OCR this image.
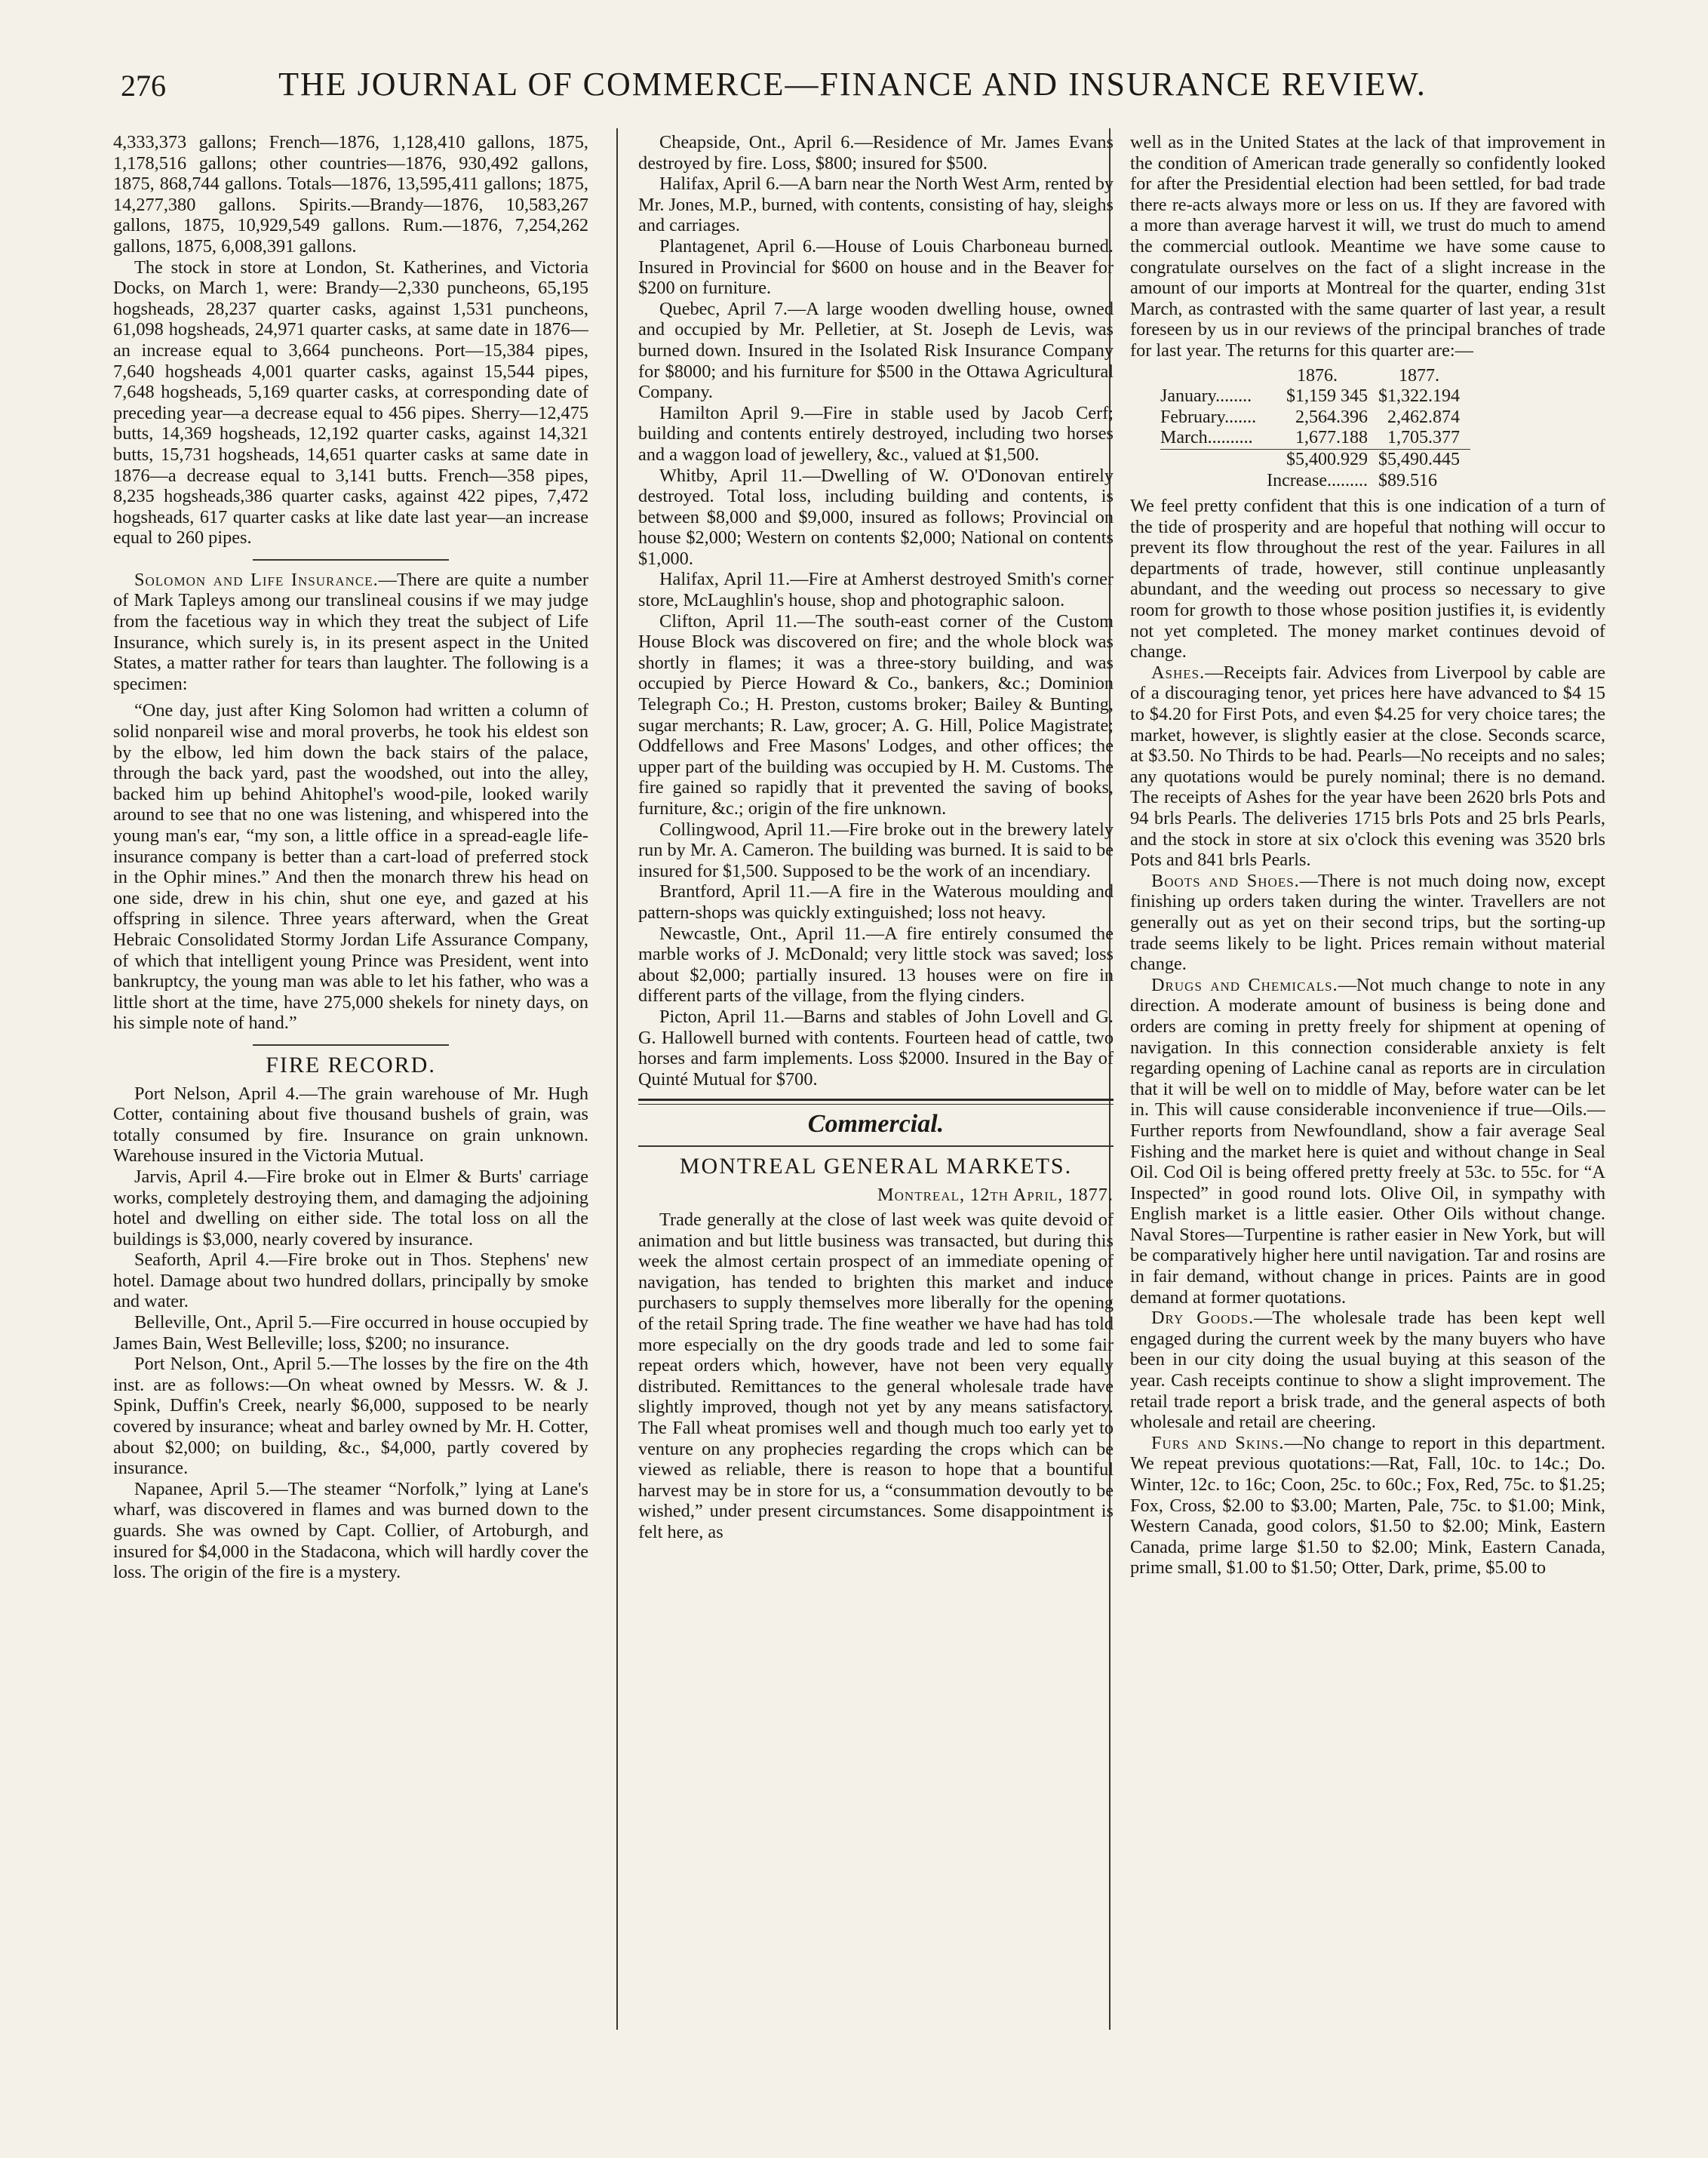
276	THE JOURNAL OF COMMERCE—FINANCE AND INSURANCE REVIEW.

4,333,373 gallons; French—1876, 1,128,410 gallons, 1875, 1,178,516 gallons; other countries—1876, 930,492 gallons, 1875, 868,744 gallons. Totals—1876, 13,595,411 gallons; 1875, 14,277,380 gallons. Spirits.—Brandy—1876, 10,583,267 gallons, 1875, 10,929,549 gallons. Rum.—1876, 7,254,262 gallons, 1875, 6,008,391 gallons.

The stock in store at London, St. Katherines, and Victoria Docks, on March 1, were: Brandy—2,330 puncheons, 65,195 hogsheads, 28,237 quarter casks, against 1,531 puncheons, 61,098 hogsheads, 24,971 quarter casks, at same date in 1876—an increase equal to 3,664 puncheons. Port—15,384 pipes, 7,640 hogsheads 4,001 quarter casks, against 15,544 pipes, 7,648 hogsheads, 5,169 quarter casks, at corresponding date of preceding year—a decrease equal to 456 pipes. Sherry—12,475 butts, 14,369 hogsheads, 12,192 quarter casks, against 14,321 butts, 15,731 hogsheads, 14,651 quarter casks at same date in 1876—a decrease equal to 3,141 butts. French—358 pipes, 8,235 hogsheads,386 quarter casks, against 422 pipes, 7,472 hogsheads, 617 quarter casks at like date last year—an increase equal to 260 pipes.

Solomon and Life Insurance.—There are quite a number of Mark Tapleys among our translineal cousins if we may judge from the facetious way in which they treat the subject of Life Insurance, which surely is, in its present aspect in the United States, a matter rather for tears than laughter. The following is a specimen:

“One day, just after King Solomon had written a column of solid nonpareil wise and moral proverbs, he took his eldest son by the elbow, led him down the back stairs of the palace, through the back yard, past the woodshed, out into the alley, backed him up behind Ahitophel's wood-pile, looked warily around to see that no one was listening, and whispered into the young man's ear, “my son, a little office in a spread-eagle life-insurance company is better than a cart-load of preferred stock in the Ophir mines.” And then the monarch threw his head on one side, drew in his chin, shut one eye, and gazed at his offspring in silence. Three years afterward, when the Great Hebraic Consolidated Stormy Jordan Life Assurance Company, of which that intelligent young Prince was President, went into bankruptcy, the young man was able to let his father, who was a little short at the time, have 275,000 shekels for ninety days, on his simple note of hand.”

FIRE RECORD.

Port Nelson, April 4.—The grain warehouse of Mr. Hugh Cotter, containing about five thousand bushels of grain, was totally consumed by fire. Insurance on grain unknown. Warehouse insured in the Victoria Mutual.

Jarvis, April 4.—Fire broke out in Elmer & Burts' carriage works, completely destroying them, and damaging the adjoining hotel and dwelling on either side. The total loss on all the buildings is $3,000, nearly covered by insurance.

Seaforth, April 4.—Fire broke out in Thos. Stephens' new hotel. Damage about two hundred dollars, principally by smoke and water.

Belleville, Ont., April 5.—Fire occurred in house occupied by James Bain, West Belleville; loss, $200; no insurance.

Port Nelson, Ont., April 5.—The losses by the fire on the 4th inst. are as follows:—On wheat owned by Messrs. W. & J. Spink, Duffin's Creek, nearly $6,000, supposed to be nearly covered by insurance; wheat and barley owned by Mr. H. Cotter, about $2,000; on building, &c., $4,000, partly covered by insurance.

Napanee, April 5.—The steamer “Norfolk,” lying at Lane's wharf, was discovered in flames and was burned down to the guards. She was owned by Capt. Collier, of Artoburgh, and insured for $4,000 in the Stadacona, which will hardly cover the loss. The origin of the fire is a mystery.

Cheapside, Ont., April 6.—Residence of Mr. James Evans destroyed by fire. Loss, $800; insured for $500.

Halifax, April 6.—A barn near the North West Arm, rented by Mr. Jones, M.P., burned, with contents, consisting of hay, sleighs and carriages.

Plantagenet, April 6.—House of Louis Charboneau burned. Insured in Provincial for $600 on house and in the Beaver for $200 on furniture.

Quebec, April 7.—A large wooden dwelling house, owned and occupied by Mr. Pelletier, at St. Joseph de Levis, was burned down. Insured in the Isolated Risk Insurance Company for $8000; and his furniture for $500 in the Ottawa Agricultural Company.

Hamilton April 9.—Fire in stable used by Jacob Cerf; building and contents entirely destroyed, including two horses and a waggon load of jewellery, &c., valued at $1,500.

Whitby, April 11.—Dwelling of W. O'Donovan entirely destroyed. Total loss, including building and contents, is between $8,000 and $9,000, insured as follows; Provincial on house $2,000; Western on contents $2,000; National on contents $1,000.

Halifax, April 11.—Fire at Amherst destroyed Smith's corner store, McLaughlin's house, shop and photographic saloon.

Clifton, April 11.—The south-east corner of the Custom House Block was discovered on fire; and the whole block was shortly in flames; it was a three-story building, and was occupied by Pierce Howard & Co., bankers, &c.; Dominion Telegraph Co.; H. Preston, customs broker; Bailey & Bunting, sugar merchants; R. Law, grocer; A. G. Hill, Police Magistrate; Oddfellows and Free Masons' Lodges, and other offices; the upper part of the building was occupied by H. M. Customs. The fire gained so rapidly that it prevented the saving of books, furniture, &c.; origin of the fire unknown.

Collingwood, April 11.—Fire broke out in the brewery lately run by Mr. A. Cameron. The building was burned. It is said to be insured for $1,500. Supposed to be the work of an incendiary.

Brantford, April 11.—A fire in the Waterous moulding and pattern-shops was quickly extinguished; loss not heavy.

Newcastle, Ont., April 11.—A fire entirely consumed the marble works of J. McDonald; very little stock was saved; loss about $2,000; partially insured. 13 houses were on fire in different parts of the village, from the flying cinders.

Picton, April 11.—Barns and stables of John Lovell and G. G. Hallowell burned with contents. Fourteen head of cattle, two horses and farm implements. Loss $2000. Insured in the Bay of Quinté Mutual for $700.

Commercial.
MONTREAL GENERAL MARKETS.
Montreal, 12th April, 1877.

Trade generally at the close of last week was quite devoid of animation and but little business was transacted, but during this week the almost certain prospect of an immediate opening of navigation, has tended to brighten this market and induce purchasers to supply themselves more liberally for the opening of the retail Spring trade. The fine weather we have had has told more especially on the dry goods trade and led to some fair repeat orders which, however, have not been very equally distributed. Remittances to the general wholesale trade have slightly improved, though not yet by any means satisfactory. The Fall wheat promises well and though much too early yet to venture on any prophecies regarding the crops which can be viewed as reliable, there is reason to hope that a bountiful harvest may be in store for us, a “consummation devoutly to be wished,” under present circumstances. Some disappointment is felt here, as

well as in the United States at the lack of that improvement in the condition of American trade generally so confidently looked for after the Presidential election had been settled, for bad trade there re-acts always more or less on us. If they are favored with a more than average harvest it will, we trust do much to amend the commercial outlook. Meantime we have some cause to congratulate ourselves on the fact of a slight increase in the amount of our imports at Montreal for the quarter, ending 31st March, as contrasted with the same quarter of last year, a result foreseen by us in our reviews of the principal branches of trade for last year. The returns for this quarter are:—

	1876.	1877.
January........	$1,159 345	$1,322.194
February.......	2,564.396	2,462.874
March..........	1,677.188	1,705.377
	$5,400.929	$5,490.445
	Increase.........	$89.516

We feel pretty confident that this is one indication of a turn of the tide of prosperity and are hopeful that nothing will occur to prevent its flow throughout the rest of the year. Failures in all departments of trade, however, still continue unpleasantly abundant, and the weeding out process so necessary to give room for growth to those whose position justifies it, is evidently not yet completed. The money market continues devoid of change.

Ashes.—Receipts fair. Advices from Liverpool by cable are of a discouraging tenor, yet prices here have advanced to $4 15 to $4.20 for First Pots, and even $4.25 for very choice tares; the market, however, is slightly easier at the close. Seconds scarce, at $3.50. No Thirds to be had. Pearls—No receipts and no sales; any quotations would be purely nominal; there is no demand. The receipts of Ashes for the year have been 2620 brls Pots and 94 brls Pearls. The deliveries 1715 brls Pots and 25 brls Pearls, and the stock in store at six o'clock this evening was 3520 brls Pots and 841 brls Pearls.

Boots and Shoes.—There is not much doing now, except finishing up orders taken during the winter. Travellers are not generally out as yet on their second trips, but the sorting-up trade seems likely to be light. Prices remain without material change.

Drugs and Chemicals.—Not much change to note in any direction. A moderate amount of business is being done and orders are coming in pretty freely for shipment at opening of navigation. In this connection considerable anxiety is felt regarding opening of Lachine canal as reports are in circulation that it will be well on to middle of May, before water can be let in. This will cause considerable inconvenience if true—Oils.—Further reports from Newfoundland, show a fair average Seal Fishing and the market here is quiet and without change in Seal Oil. Cod Oil is being offered pretty freely at 53c. to 55c. for “A Inspected” in good round lots. Olive Oil, in sympathy with English market is a little easier. Other Oils without change. Naval Stores—Turpentine is rather easier in New York, but will be comparatively higher here until navigation. Tar and rosins are in fair demand, without change in prices. Paints are in good demand at former quotations.

Dry Goods.—The wholesale trade has been kept well engaged during the current week by the many buyers who have been in our city doing the usual buying at this season of the year. Cash receipts continue to show a slight improvement. The retail trade report a brisk trade, and the general aspects of both wholesale and retail are cheering.

Furs and Skins.—No change to report in this department. We repeat previous quotations:—Rat, Fall, 10c. to 14c.; Do. Winter, 12c. to 16c; Coon, 25c. to 60c.; Fox, Red, 75c. to $1.25; Fox, Cross, $2.00 to $3.00; Marten, Pale, 75c. to $1.00; Mink, Western Canada, good colors, $1.50 to $2.00; Mink, Eastern Canada, prime large $1.50 to $2.00; Mink, Eastern Canada, prime small, $1.00 to $1.50; Otter, Dark, prime, $5.00 to
